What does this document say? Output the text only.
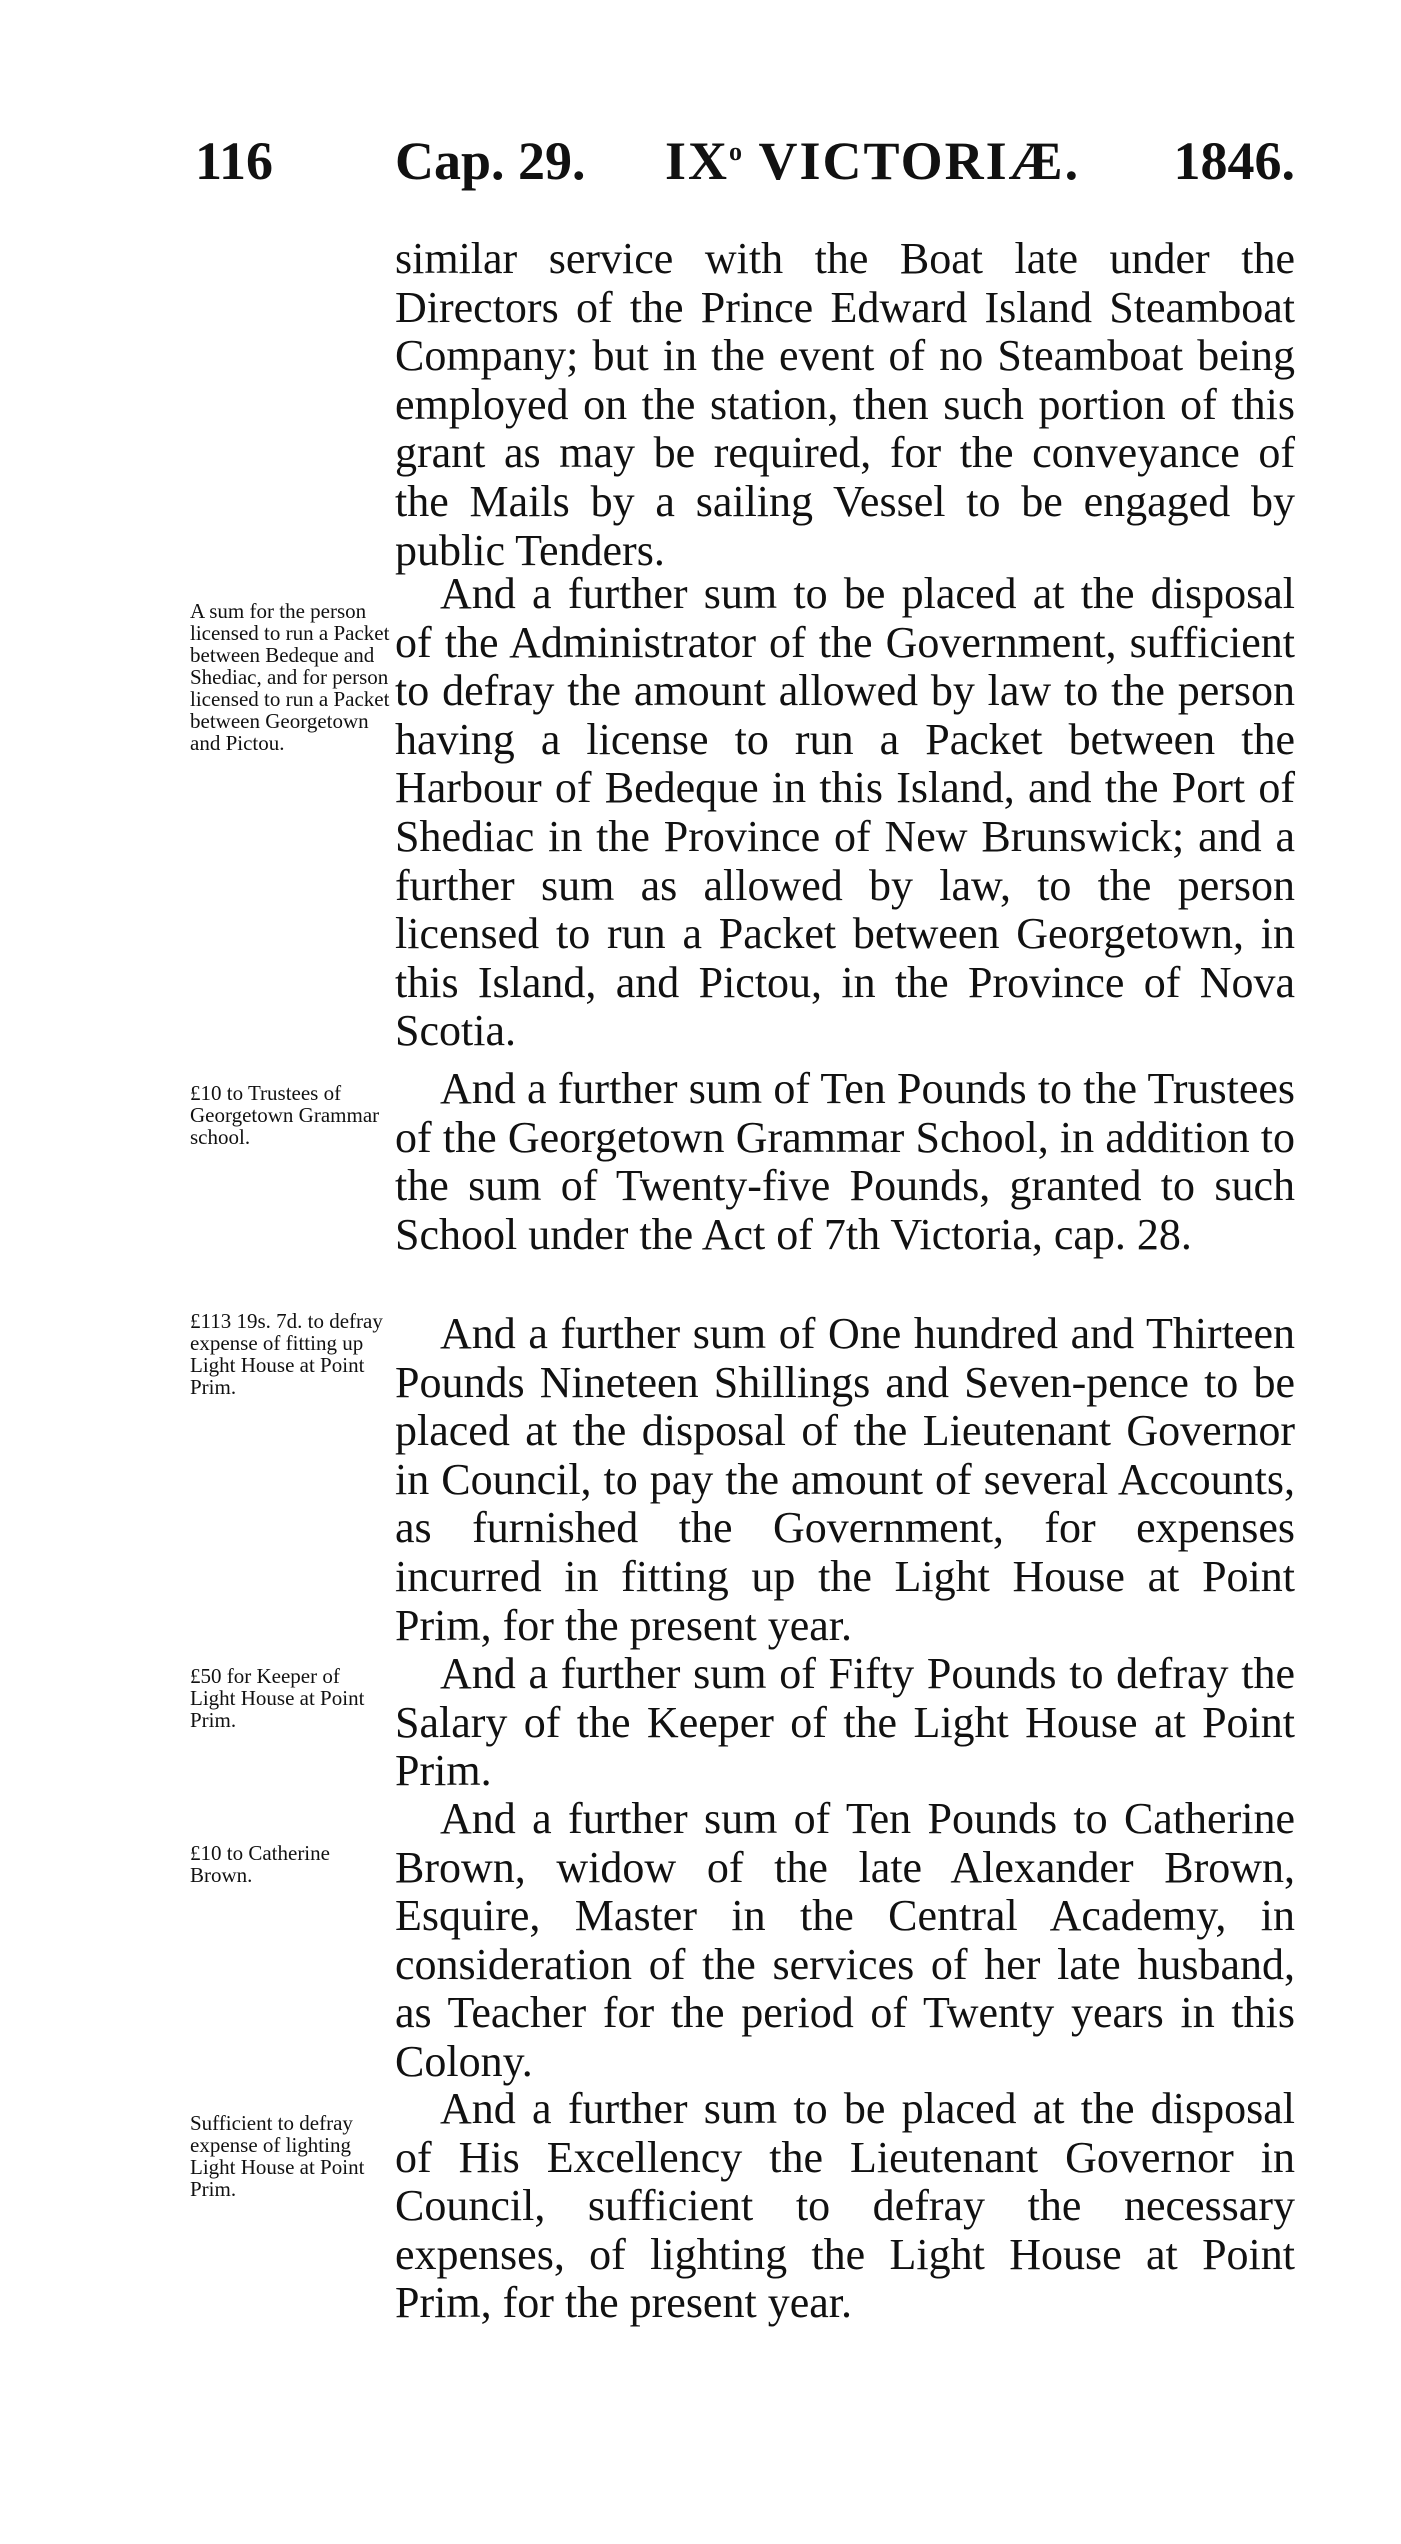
116 Cap. 29. $IX^o$ VICTORIÆ. 1846.

similar service with the Boat late under the Directors of the Prince Edward Island Steamboat Company; but in the event of no Steamboat being employed on the station, then such portion of this grant as may be required, for the conveyance of the Mails by a sailing Vessel to be engaged by public Tenders.

And a further sum to be placed at the disposal of the Administrator of the Government, sufficient to defray the amount allowed by law to the person having a license to run a Packet between the Harbour of Bedeque in this Island, and the Port of Shediac in the Province of New Brunswick; and a further sum as allowed by law, to the person licensed to run a Packet between Georgetown, in this Island, and Pictou, in the Province of Nova Scotia.

And a further sum of Ten Pounds to the Trustees of the Georgetown Grammar School, in addition to the sum of Twenty-five Pounds, granted to such School under the Act of 7th Victoria, cap. 28.

And a further sum of One hundred and Thirteen Pounds Nineteen Shillings and Seven-pence to be placed at the disposal of the Lieutenant Governor in Council, to pay the amount of several Accounts, as furnished the Government, for expenses incurred in fitting up the Light House at Point Prim, for the present year.

And a further sum of Fifty Pounds to defray the Salary of the Keeper of the Light House at Point Prim.

And a further sum of Ten Pounds to Catherine Brown, widow of the late Alexander Brown, Esquire, Master in the Central Academy, in consideration of the services of her late husband, as Teacher for the period of Twenty years in this Colony.

And a further sum to be placed at the disposal of His Excellency the Lieutenant Governor in Council, sufficient to defray the necessary expenses, of lighting the Light House at Point Prim, for the present year.

A sum for the person licensed to run a Packet between Bedeque and Shediac, and for person licensed to run a Packet between Georgetown and Pictou.
£10 to Trustees of Georgetown Grammar school.
£113 19s. 7d. to defray expense of fitting up Light House at Point Prim.
£50 for Keeper of Light House at Point Prim.
£10 to Catherine Brown.
Sufficient to defray expense of lighting Light House at Point Prim.
